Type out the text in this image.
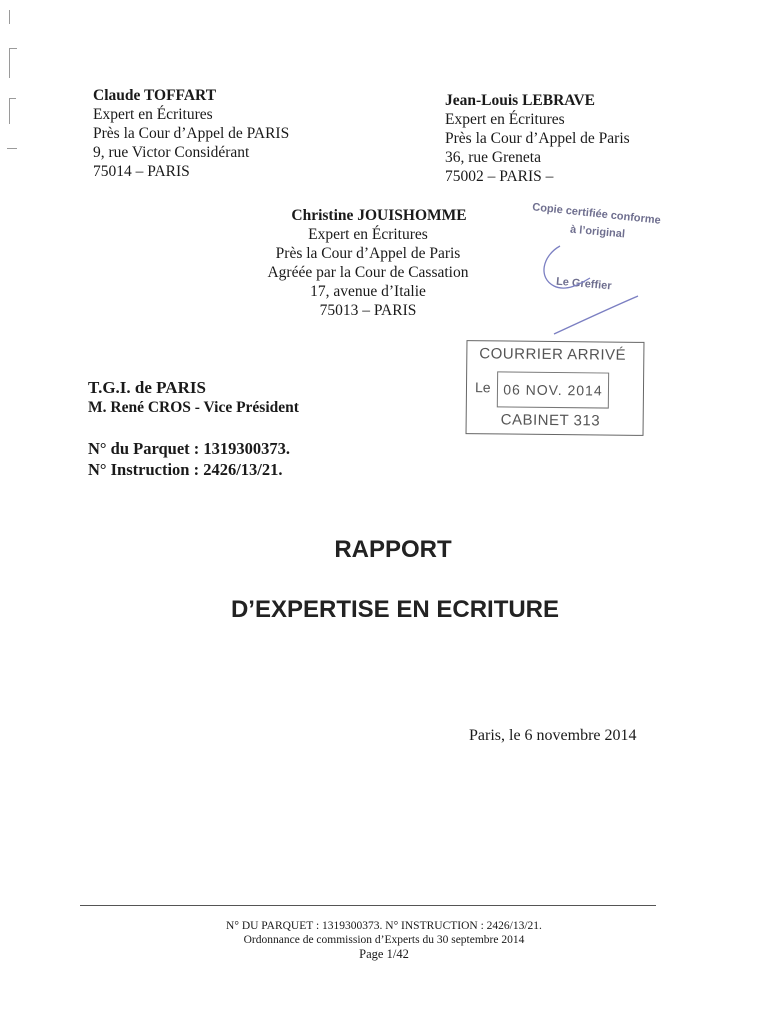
Claude TOFFART
Expert en Écritures
Près la Cour d’Appel de PARIS
9, rue Victor Considérant
75014 – PARIS
Jean-Louis LEBRAVE
Expert en Écritures
Près la Cour d’Appel de Paris
36, rue Greneta
75002 – PARIS –
Christine JOUISHOMME
Expert en Écritures
Près la Cour d’Appel de Paris
Agréée par la Cour de Cassation
17, avenue d’Italie
75013 – PARIS
Copie certifiée conforme
à l’original
Le Greffier
COURRIER ARRIVÉ
Le 06 NOV. 2014
CABINET 313
T.G.I. de PARIS
M. René CROS - Vice Président
N° du Parquet : 1319300373.
N° Instruction : 2426/13/21.
RAPPORT
D’EXPERTISE EN ECRITURE
Paris, le 6 novembre 2014
N° DU PARQUET : 1319300373. N° INSTRUCTION : 2426/13/21.
Ordonnance de commission d’Experts du 30 septembre 2014
Page 1/42
